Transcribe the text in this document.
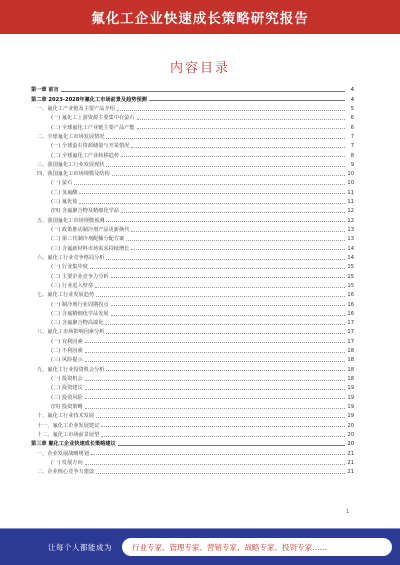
氟化工企业快速成长策略研究报告
内容目录
第一章 前言	4
第二章 2023-2028年氟化工市场前景及趋势预测	4
一、氟化工产业链及主要产品介绍	5
(一) 氟化工上游资源主要集中在萤石	6
(二) 全球氟化工产业链主要产品产能	6
二、全球氟化工市场发展情况	7
(一) 全球萤石资源储量与开采情况	7
(二) 全球氟化工产业转移趋势	8
三、我国氟化工行业发展现状	9
四、我国氟化工市场规模及结构	10
(一) 萤石	10
(二) 氢氟酸	11
(三) 氟化盐	11
(四) 含氟聚合物及精细化学品	12
五、我国氟化工市场规模预测	12
(一) 政策推动制冷剂产品更新换代	13
(二) 第三代制冷剂配额分配方案	13
(三) 含氟新材料市场需求持续增长	14
六、氟化工行业竞争格局分析	14
(一) 行业集中度	15
(二) 主要企业竞争力分析	15
(三) 行业进入壁垒	15
七、氟化工行业发展趋势	16
(一) 制冷剂行业周期拐点	16
(二) 含氟精细化学品发展	16
(三) 含氟聚合物高端化	17
八、氟化工市场影响因素分析	17
(一) 有利因素	17
(二) 不利因素	18
(三) 风险提示	18
九、氟化工行业投资机会分析	18
(一) 投资机会	18
(二) 投资建议	19
(三) 投资风险	19
(四) 投资策略	19
十、氟化工行业技术发展	19
十一、氟化工企业发展建议	20
十二、氟化工市场前景展望	20
第三章 氟化工企业快速成长策略建议	20
一、企业发展战略规划	21
(一) 发展方向	21
二、企业核心竞争力建设	21
1
让每个人都能成为	行业专家、管理专家、营销专家、战略专家、投资专家……
